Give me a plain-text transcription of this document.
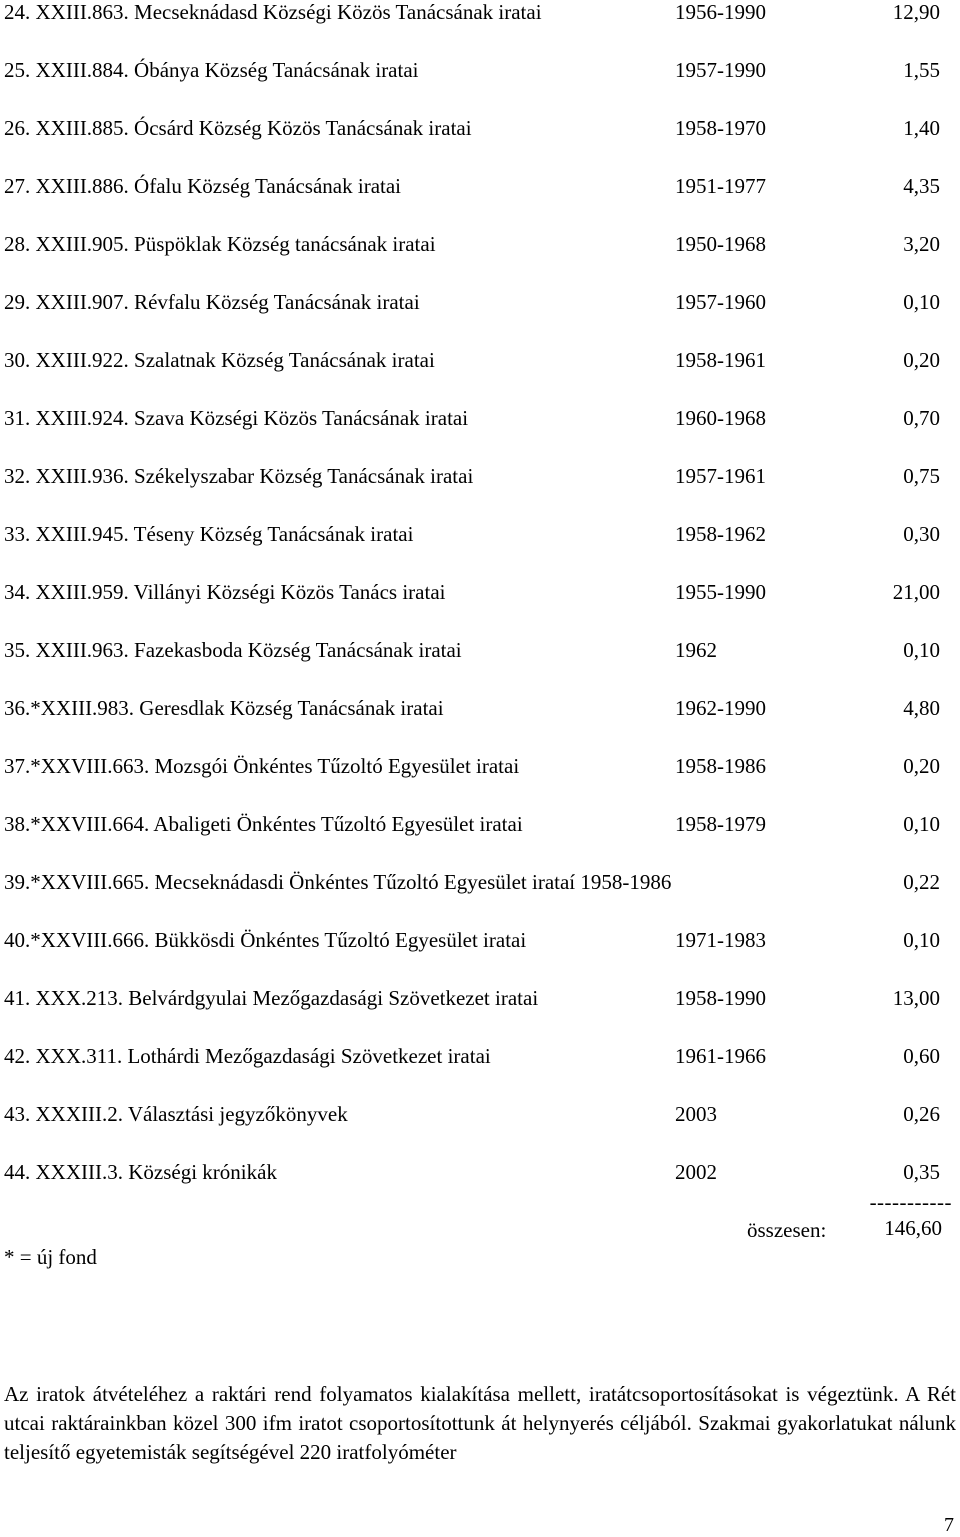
24. XXIII.863. Mecseknádasd Községi Közös Tanácsának iratai	1956-1990	12,90
25. XXIII.884. Óbánya Község Tanácsának iratai	1957-1990	1,55
26. XXIII.885. Ócsárd Község Közös Tanácsának iratai	1958-1970	1,40
27. XXIII.886. Ófalu Község Tanácsának iratai	1951-1977	4,35
28. XXIII.905. Püspöklak Község tanácsának iratai	1950-1968	3,20
29. XXIII.907. Révfalu Község Tanácsának iratai	1957-1960	0,10
30. XXIII.922. Szalatnak Község Tanácsának iratai	1958-1961	0,20
31. XXIII.924. Szava Községi Közös Tanácsának iratai	1960-1968	0,70
32. XXIII.936. Székelyszabar Község Tanácsának iratai	1957-1961	0,75
33. XXIII.945. Téseny Község Tanácsának iratai	1958-1962	0,30
34. XXIII.959. Villányi Községi Közös Tanács iratai	1955-1990	21,00
35. XXIII.963. Fazekasboda Község Tanácsának iratai	1962	0,10
36.*XXIII.983. Geresdlak Község Tanácsának iratai	1962-1990	4,80
37.*XXVIII.663. Mozsgói Önkéntes Tűzoltó Egyesület iratai	1958-1986	0,20
38.*XXVIII.664. Abaligeti Önkéntes Tűzoltó Egyesület iratai	1958-1979	0,10
39.*XXVIII.665. Mecseknádasdi Önkéntes Tűzoltó Egyesület irataí 1958-1986	0,22
40.*XXVIII.666. Bükkösdi Önkéntes Tűzoltó Egyesület iratai	1971-1983	0,10
41. XXX.213. Belvárdgyulai Mezőgazdasági Szövetkezet iratai	1958-1990	13,00
42. XXX.311. Lothárdi Mezőgazdasági Szövetkezet iratai	1961-1966	0,60
43. XXXIII.2. Választási jegyzőkönyvek	2003	0,26
44. XXXIII.3. Községi krónikák	2002	0,35
-----------
összesen:	146,60
* = új fond

Az iratok átvételéhez a raktári rend folyamatos kialakítása mellett, iratátcsoportosításokat is végeztünk. A Rét utcai raktárainkban közel 300 ifm iratot csoportosítottunk át helynyerés céljából. Szakmai gyakorlatukat nálunk teljesítő egyetemisták segítségével 220 iratfolyóméter

7
